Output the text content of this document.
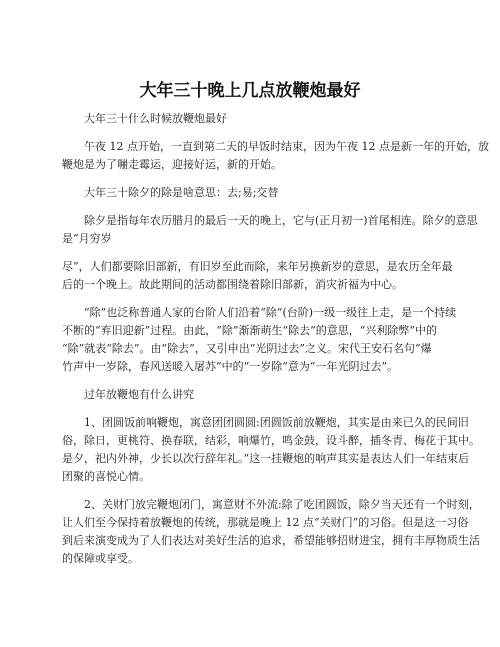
大年三十晚上几点放鞭炮最好

大年三十什么时候放鞭炮最好

午夜 12 点开始，一直到第二天的早饭时结束，因为午夜 12 点是新一年的开始，放

鞭炮是为了嘣走霉运，迎接好运，新的开始。

大年三十除夕的除是啥意思：去;易;交替

除夕是指每年农历腊月的最后一天的晚上，它与(正月初一)首尾相连。除夕的意思

是“月穷岁

尽”，人们都要除旧部新，有旧岁至此而除，来年另换新岁的意思，是农历全年最

后的一个晚上。故此期间的活动都围绕着除旧部新，消灾祈福为中心。

“除”也泛称普通人家的台阶人们沿着“除”(台阶)一级一级往上走，是一个持续

不断的“弃旧迎新”过程。由此，“除”渐渐萌生“除去”的意思，“兴利除弊”中的

“除”就表“除去”。由“除去”，又引申出“光阴过去”之义。宋代王安石名句“爆

竹声中一岁除，春风送暖入屠苏”中的“一岁除”意为“一年光阴过去”。

过年放鞭炮有什么讲究

1、团圆饭前响鞭炮，寓意团团圆圆:团圆饭前放鞭炮，其实是由来已久的民间旧

俗，除日，更桃符、换春联，结彩，响爆竹，鸣金鼓，设斗醉，插冬青、梅花于其中。

是夕，祀内外神，少长以次行辞年礼。”这一挂鞭炮的响声其实是表达人们一年结束后

团聚的喜悦心情。

2、关财门放完鞭炮闭门，寓意财不外流:除了吃团圆饭，除夕当天还有一个时刻，

让人们至今保持着放鞭炮的传统，那就是晚上 12 点“关财门”的习俗。但是这一习俗

到后来演变成为了人们表达对美好生活的追求，希望能够招财进宝，拥有丰厚物质生活

的保障或享受。
